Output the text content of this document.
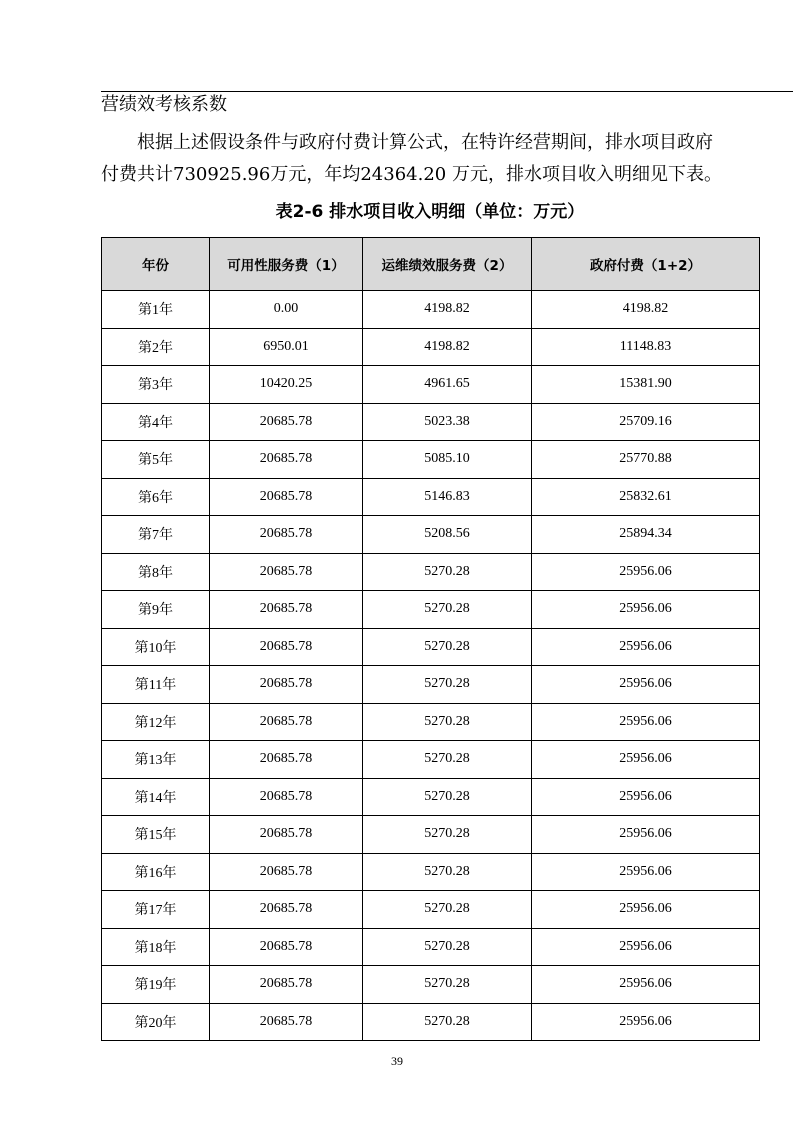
营绩效考核系数
根据上述假设条件与政府付费计算公式，在特许经营期间，排水项目政府
付费共计730925.96万元，年均24364.20 万元，排水项目收入明细见下表。
表2-6 排水项目收入明细（单位：万元）
年份	可用性服务费（1）	运维绩效服务费（2）	政府付费（1+2）
第1年	0.00	4198.82	4198.82
第2年	6950.01	4198.82	11148.83
第3年	10420.25	4961.65	15381.90
第4年	20685.78	5023.38	25709.16
第5年	20685.78	5085.10	25770.88
第6年	20685.78	5146.83	25832.61
第7年	20685.78	5208.56	25894.34
第8年	20685.78	5270.28	25956.06
第9年	20685.78	5270.28	25956.06
第10年	20685.78	5270.28	25956.06
第11年	20685.78	5270.28	25956.06
第12年	20685.78	5270.28	25956.06
第13年	20685.78	5270.28	25956.06
第14年	20685.78	5270.28	25956.06
第15年	20685.78	5270.28	25956.06
第16年	20685.78	5270.28	25956.06
第17年	20685.78	5270.28	25956.06
第18年	20685.78	5270.28	25956.06
第19年	20685.78	5270.28	25956.06
第20年	20685.78	5270.28	25956.06
39
